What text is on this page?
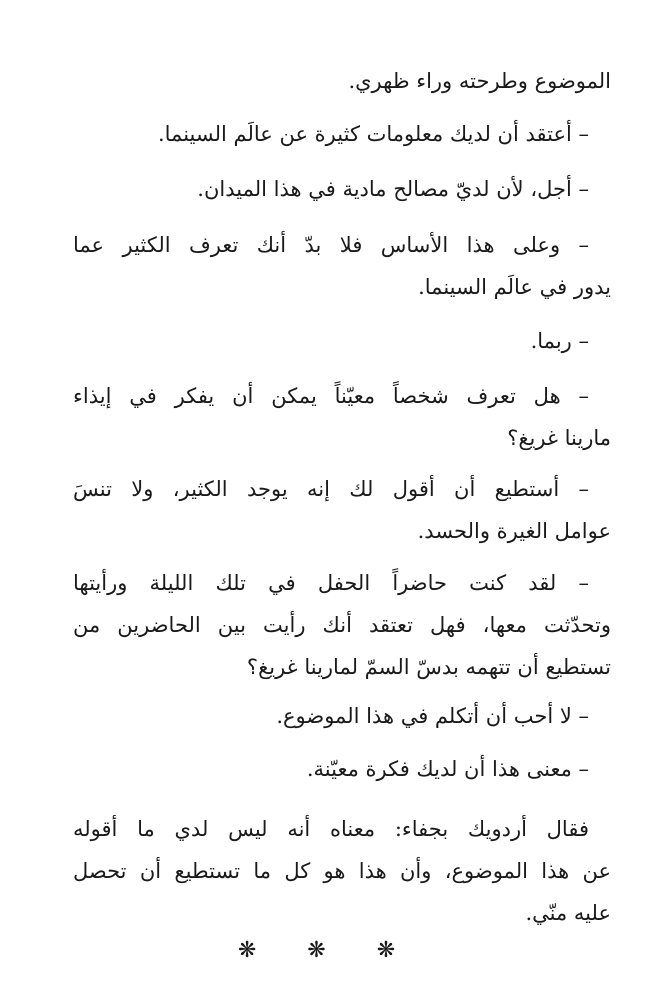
الموضوع وطرحته وراء ظهري.

– أعتقد أن لديك معلومات كثيرة عن عالَم السينما.

– أجل، لأن لديّ مصالح مادية في هذا الميدان.

– وعلى هذا الأساس فلا بدّ أنك تعرف الكثير عما
يدور في عالَم السينما.

– ربما.

– هل تعرف شخصاً معيّناً يمكن أن يفكر في إيذاء
مارينا غريغ؟

– أستطيع أن أقول لك إنه يوجد الكثير، ولا تنسَ
عوامل الغيرة والحسد.

– لقد كنت حاضراً الحفل في تلك الليلة ورأيتها
وتحدّثت معها، فهل تعتقد أنك رأيت بين الحاضرين من
تستطيع أن تتهمه بدسّ السمّ لمارينا غريغ؟

– لا أحب أن أتكلم في هذا الموضوع.

– معنى هذا أن لديك فكرة معيّنة.

فقال أردويك بجفاء: معناه أنه ليس لدي ما أقوله
عن هذا الموضوع، وأن هذا هو كل ما تستطيع أن تحصل
عليه منّي.

❋ ❋ ❋
